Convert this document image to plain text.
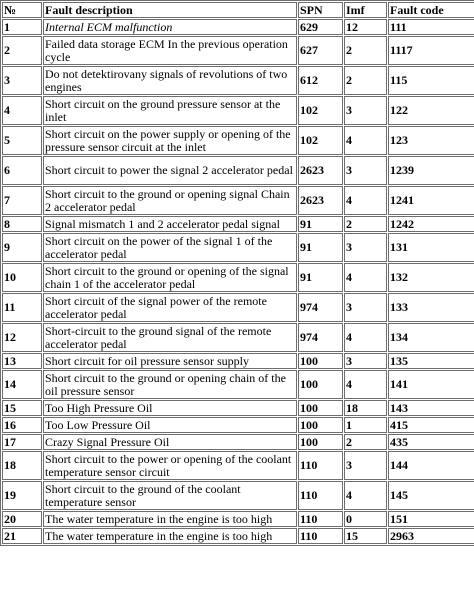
№	Fault description	SPN	Imf	Fault code
1	Internal ECM malfunction	629	12	111
2	Failed data storage ECM In the previous operation cycle	627	2	1117
3	Do not detektirovany signals of revolutions of two engines	612	2	115
4	Short circuit on the ground pressure sensor at the inlet	102	3	122
5	Short circuit on the power supply or opening of the pressure sensor circuit at the inlet	102	4	123
6	Short circuit to power the signal 2 accelerator pedal	2623	3	1239
7	Short circuit to the ground or opening signal Chain 2 accelerator pedal	2623	4	1241
8	Signal mismatch 1 and 2 accelerator pedal signal	91	2	1242
9	Short circuit on the power of the signal 1 of the accelerator pedal	91	3	131
10	Short circuit to the ground or opening of the signal chain 1 of the accelerator pedal	91	4	132
11	Short circuit of the signal power of the remote accelerator pedal	974	3	133
12	Short-circuit to the ground signal of the remote accelerator pedal	974	4	134
13	Short circuit for oil pressure sensor supply	100	3	135
14	Short circuit to the ground or opening chain of the oil pressure sensor	100	4	141
15	Too High Pressure Oil	100	18	143
16	Too Low Pressure Oil	100	1	415
17	Crazy Signal Pressure Oil	100	2	435
18	Short circuit to the power or opening of the coolant temperature sensor circuit	110	3	144
19	Short circuit to the ground of the coolant temperature sensor	110	4	145
20	The water temperature in the engine is too high	110	0	151
21	The water temperature in the engine is too high	110	15	2963
